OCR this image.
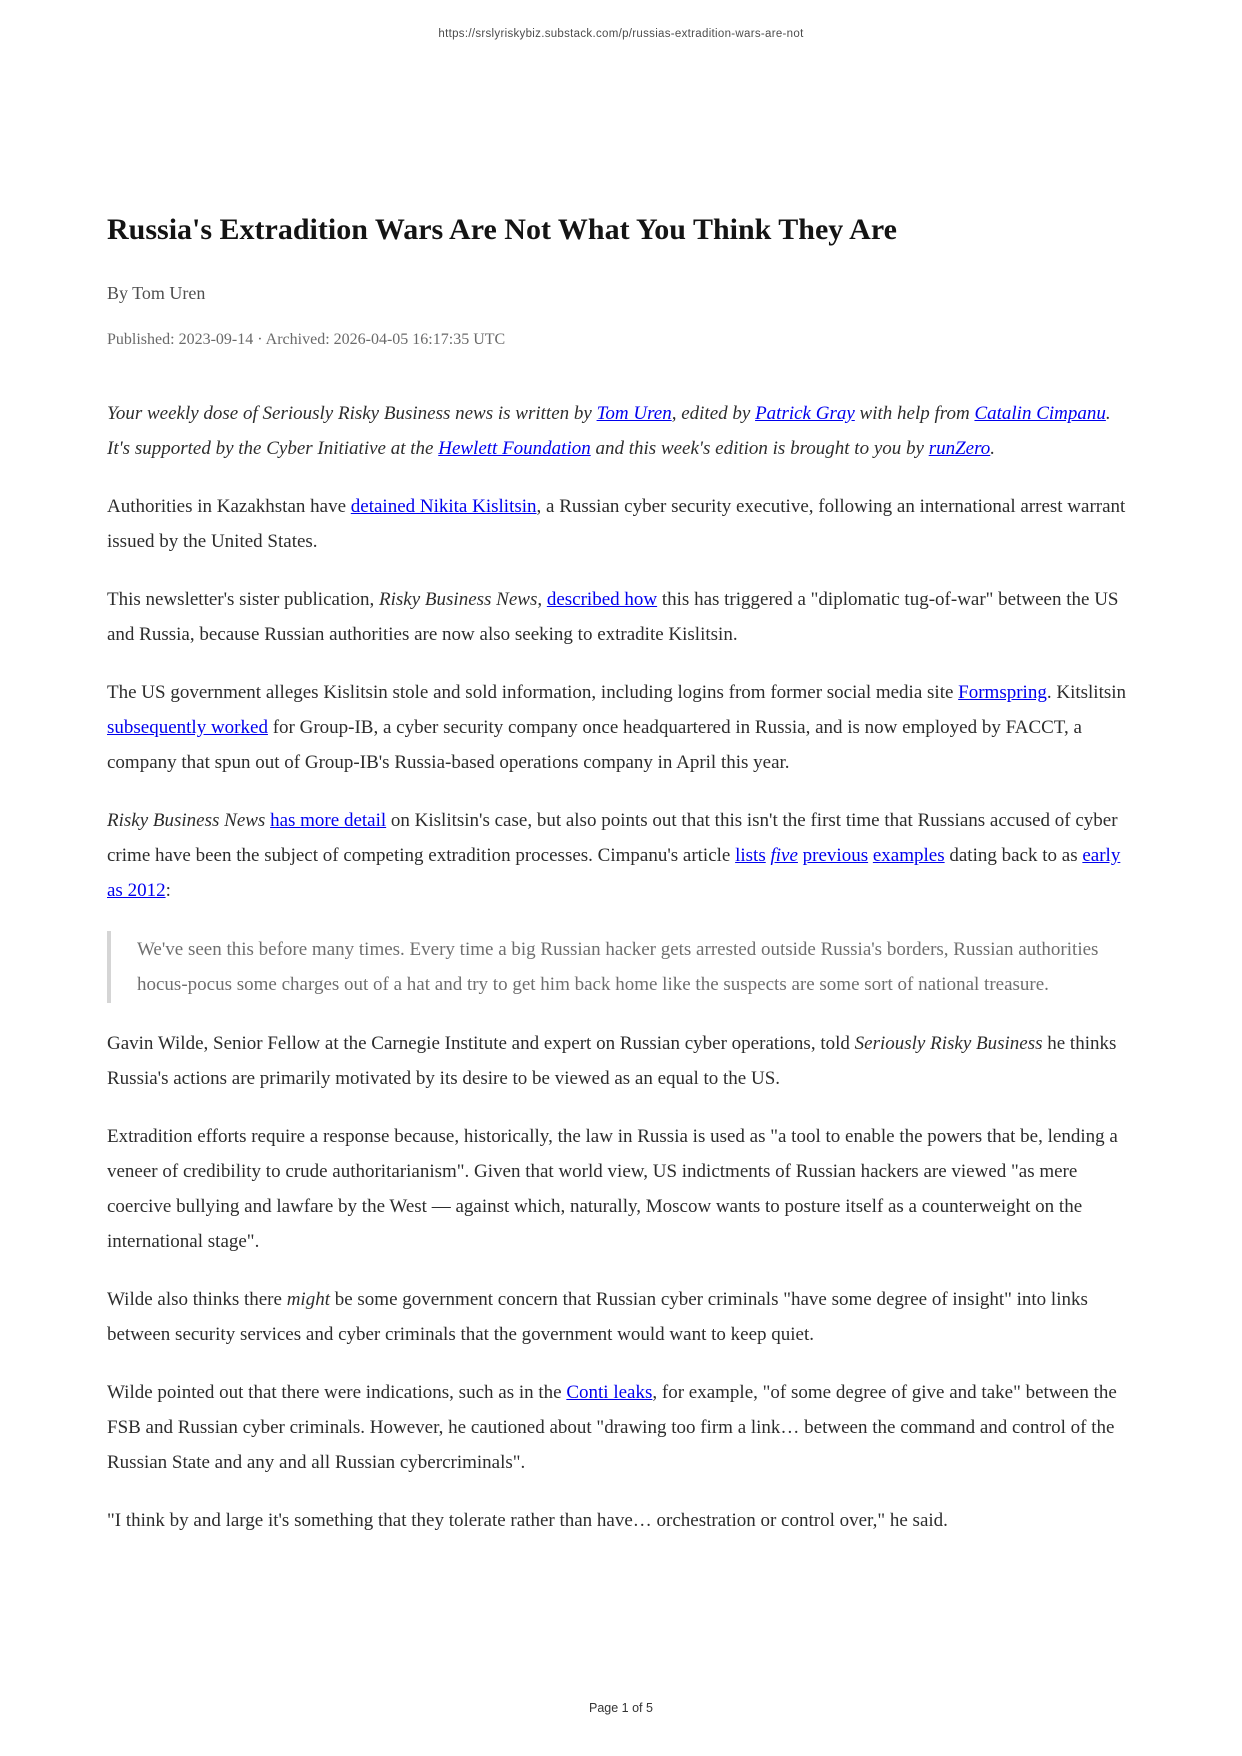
https://srslyriskybiz.substack.com/p/russias-extradition-wars-are-not
Russia's Extradition Wars Are Not What You Think They Are
By Tom Uren
Published: 2023-09-14 · Archived: 2026-04-05 16:17:35 UTC

Your weekly dose of Seriously Risky Business news is written by Tom Uren, edited by Patrick Gray with help from Catalin Cimpanu. It's supported by the Cyber Initiative at the Hewlett Foundation and this week's edition is brought to you by runZero.

Authorities in Kazakhstan have detained Nikita Kislitsin, a Russian cyber security executive, following an international arrest warrant issued by the United States.

This newsletter's sister publication, Risky Business News, described how this has triggered a "diplomatic tug-of-war" between the US and Russia, because Russian authorities are now also seeking to extradite Kislitsin.

The US government alleges Kislitsin stole and sold information, including logins from former social media site Formspring. Kitslitsin subsequently worked for Group-IB, a cyber security company once headquartered in Russia, and is now employed by FACCT, a company that spun out of Group-IB's Russia-based operations company in April this year.

Risky Business News has more detail on Kislitsin's case, but also points out that this isn't the first time that Russians accused of cyber crime have been the subject of competing extradition processes. Cimpanu's article lists five previous examples dating back to as early as 2012:

We've seen this before many times. Every time a big Russian hacker gets arrested outside Russia's borders, Russian authorities hocus-pocus some charges out of a hat and try to get him back home like the suspects are some sort of national treasure.

Gavin Wilde, Senior Fellow at the Carnegie Institute and expert on Russian cyber operations, told Seriously Risky Business he thinks Russia's actions are primarily motivated by its desire to be viewed as an equal to the US.

Extradition efforts require a response because, historically, the law in Russia is used as "a tool to enable the powers that be, lending a veneer of credibility to crude authoritarianism". Given that world view, US indictments of Russian hackers are viewed "as mere coercive bullying and lawfare by the West — against which, naturally, Moscow wants to posture itself as a counterweight on the international stage".

Wilde also thinks there might be some government concern that Russian cyber criminals "have some degree of insight" into links between security services and cyber criminals that the government would want to keep quiet.

Wilde pointed out that there were indications, such as in the Conti leaks, for example, "of some degree of give and take" between the FSB and Russian cyber criminals. However, he cautioned about "drawing too firm a link… between the command and control of the Russian State and any and all Russian cybercriminals".

"I think by and large it's something that they tolerate rather than have… orchestration or control over," he said.

Page 1 of 5
